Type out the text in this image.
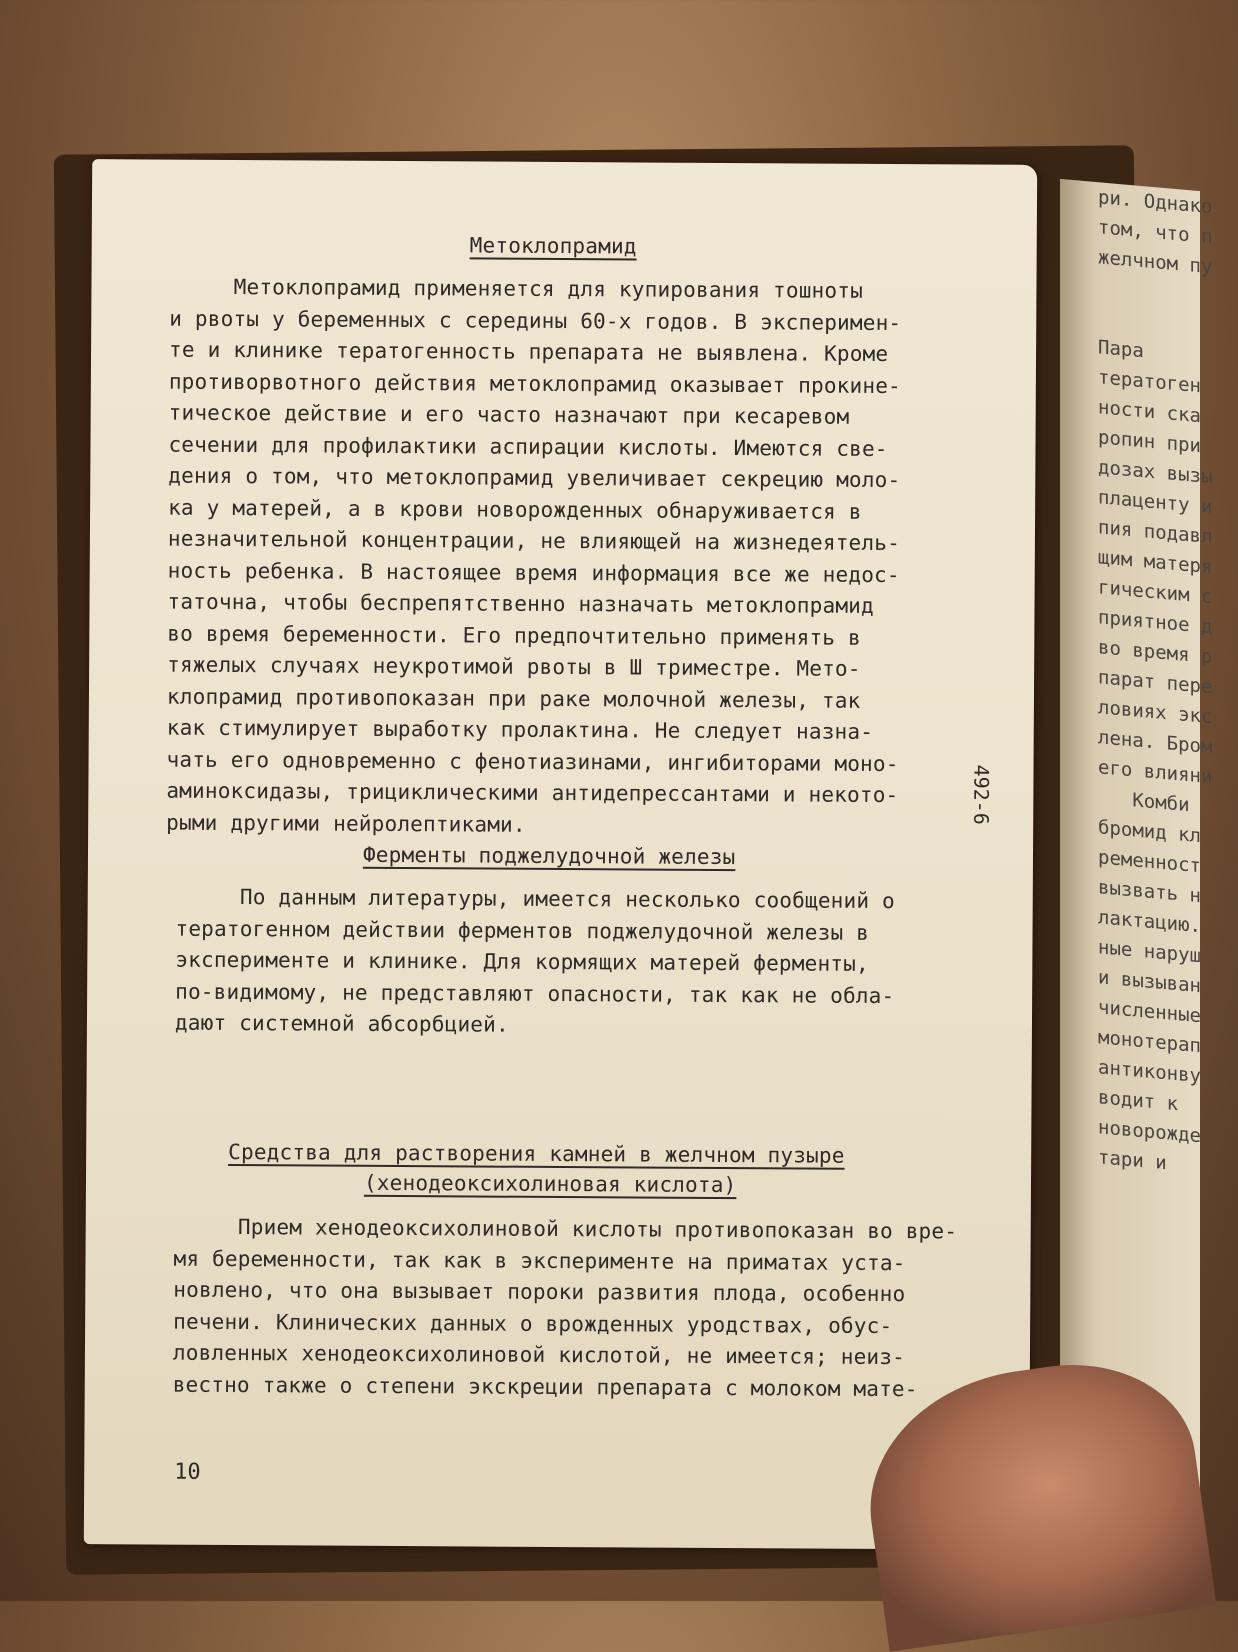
ри. Однако
том, что п
желчном пу
Пара
тератоген
ности ска
ропин при
дозах вызы
плаценту и
пия подавл
щим матеря
гическим с
приятное д
во время р
парат пере
ловиях экс
лена. Бром
его влияни
Комби
бромид кл
ременност
вызвать н
лактацию.
ные наруш
и вызыван
численные
монотерап
антиконву
водит к
новорожде
тари и
Метоклопрамид
Метоклопрамид применяется для купирования тошноты
и рвоты у беременных с середины 60-х годов. В эксперимен-
те и клинике тератогенность препарата не выявлена. Кроме
противорвотного действия метоклопрамид оказывает прокине-
тическое действие и его часто назначают при кесаревом
сечении для профилактики аспирации кислоты. Имеются све-
дения о том, что метоклопрамид увеличивает секрецию моло-
ка у матерей, а в крови новорожденных обнаруживается в
незначительной концентрации, не влияющей на жизнедеятель-
ность ребенка. В настоящее время информация все же недос-
таточна, чтобы беспрепятственно назначать метоклопрамид
во время беременности. Его предпочтительно применять в
тяжелых случаях неукротимой рвоты в Ш триместре. Мето-
клопрамид противопоказан при раке молочной железы, так
как стимулирует выработку пролактина. Не следует назна-
чать его одновременно с фенотиазинами, ингибиторами моно-
аминоксидазы, трициклическими антидепрессантами и некото-
рыми другими нейролептиками.
Ферменты поджелудочной железы
По данным литературы, имеется несколько сообщений о
тератогенном действии ферментов поджелудочной железы в
эксперименте и клинике. Для кормящих матерей ферменты,
по-видимому, не представляют опасности, так как не обла-
дают системной абсорбцией.
Средства для растворения камней в желчном пузыре
(хенодеоксихолиновая кислота)
Прием хенодеоксихолиновой кислоты противопоказан во вре-
мя беременности, так как в эксперименте на приматах уста-
новлено, что она вызывает пороки развития плода, особенно
печени. Клинических данных о врожденных уродствах, обус-
ловленных хенодеоксихолиновой кислотой, не имеется; неиз-
вестно также о степени экскреции препарата с молоком мате-
10
492-6
